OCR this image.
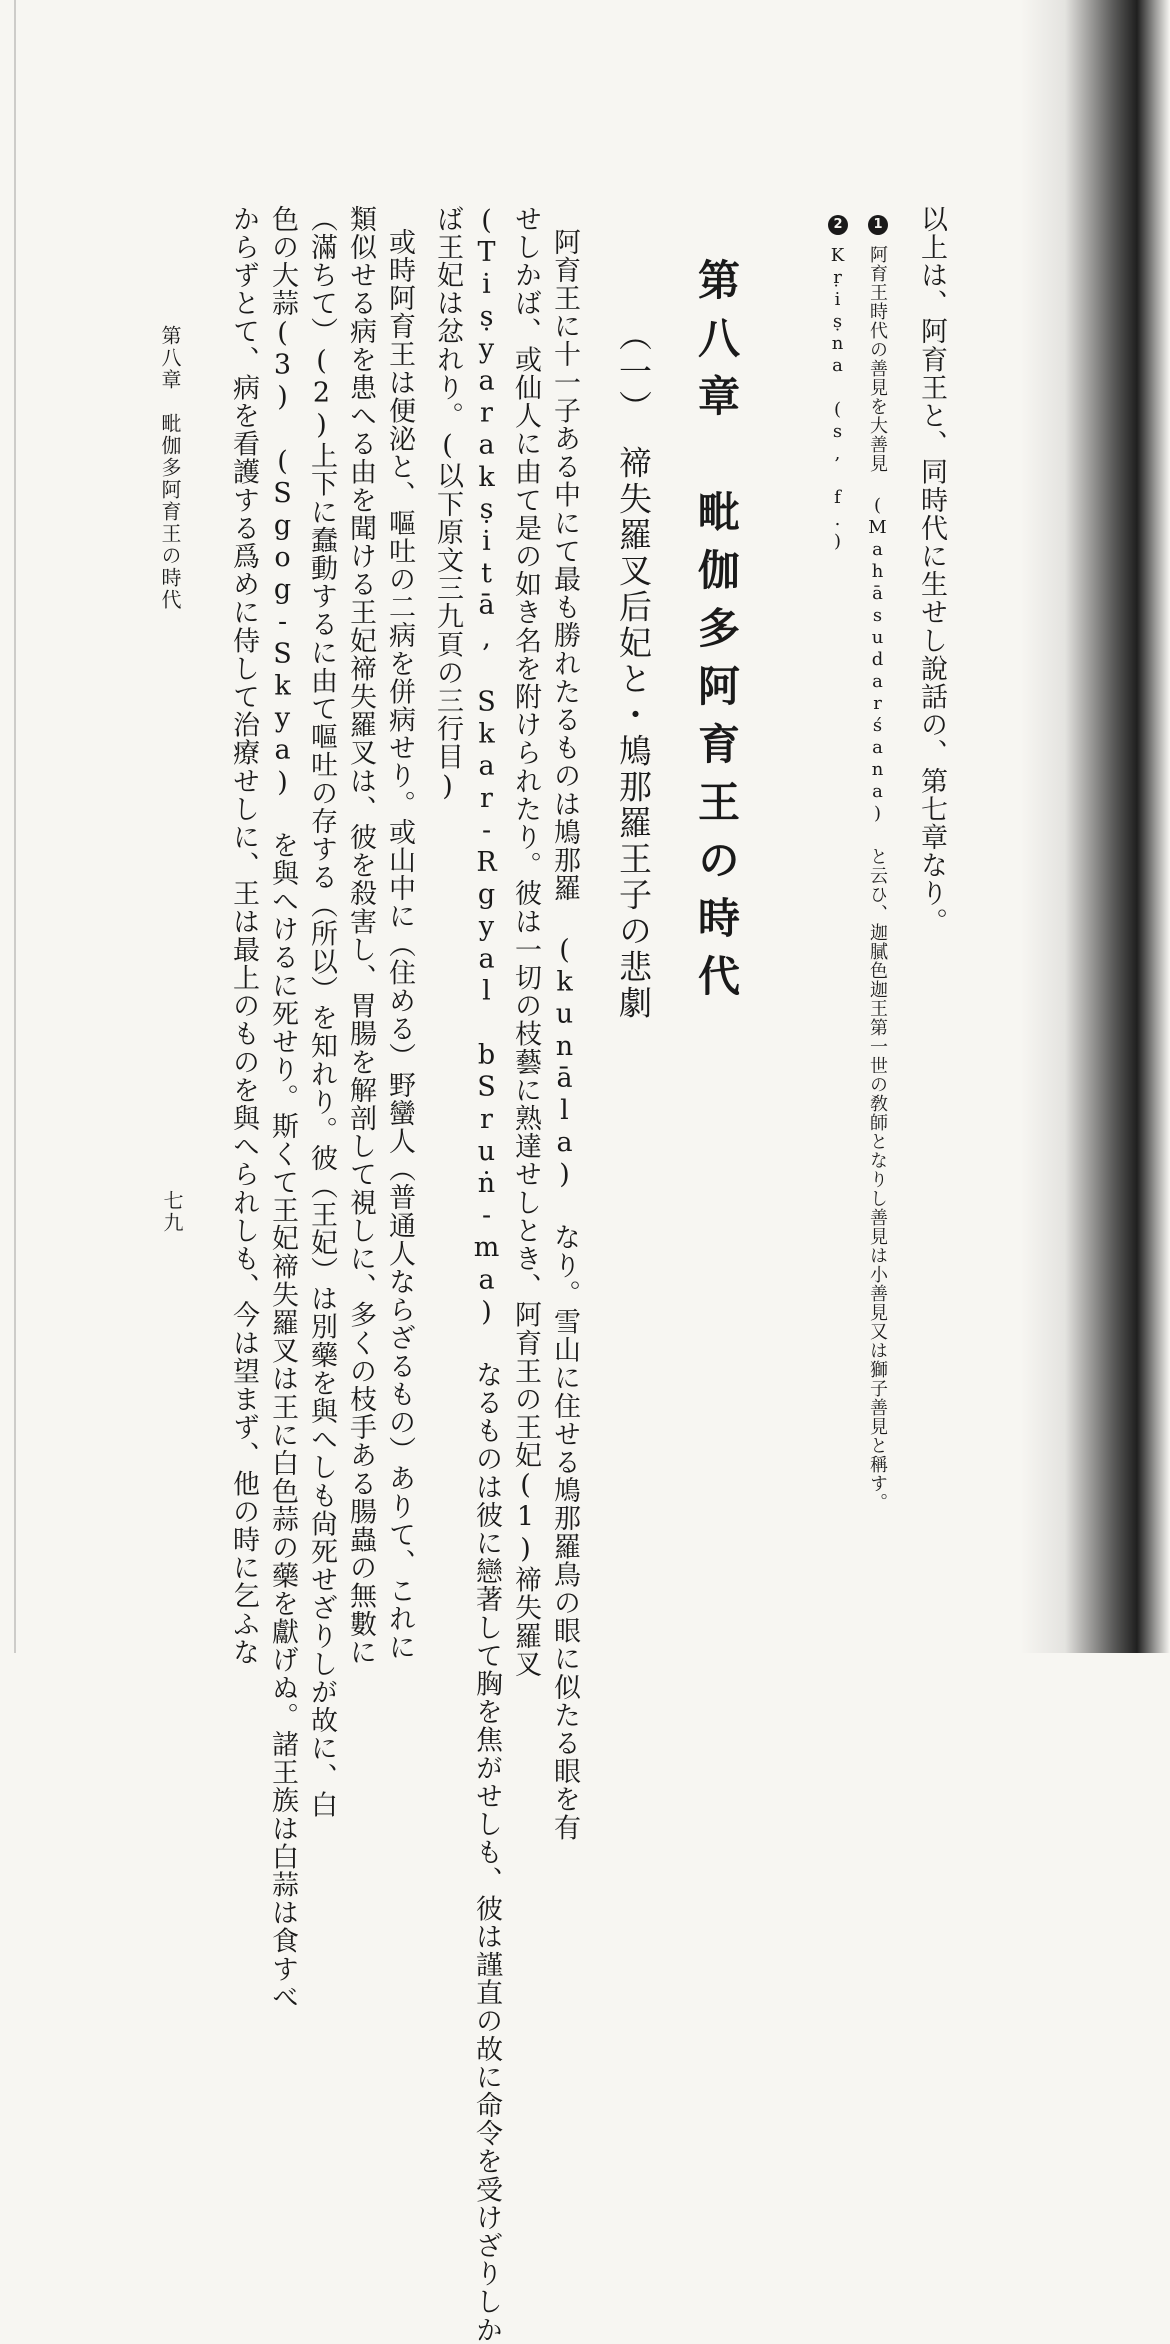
以上は、阿育王と、同時代に生せし說話の、第七章なり。
1
阿育王時代の善見を大善見 (Mahāsudarśana) と云ひ、迦膩色迦王第一世の敎師となりし善見は小善見又は獅子善見と稱す。
2
Kṛiṣna (s, f.)
第八章　毗伽多阿育王の時代
（一）　禘失羅叉后妃と・鳩那羅王子の悲劇
阿育王に十一子ある中にて最も勝れたるものは鳩那羅 (kunāla) なり。雪山に住せる鳩那羅鳥の眼に似たる眼を有
せしかば、或仙人に由て是の如き名を附けられたり。彼は一切の枝藝に熟達せしとき、阿育王の王妃(1)禘失羅叉
(Tiṣyarakṣitā, Skar-Rgyal bSruṅ-ma) なるものは彼に戀著して胸を焦がせしも、彼は謹直の故に命令を受けざりしか
ば王妃は忿れり。(以下原文三九頁の三行目)
或時阿育王は便泌と、嘔吐の二病を併病せり。或山中に（住める）野蠻人（普通人ならざるもの）ありて、これに
類似せる病を患へる由を聞ける王妃禘失羅叉は、彼を殺害し、胃腸を解剖して視しに、多くの枝手ある腸蟲の無數に
（滿ちて）(2)上下に蠢動するに由て嘔吐の存する（所以）を知れり。彼（王妃）は別藥を與へしも尙死せざりしが故に、白
色の大蒜(3) (Sgog-Skya) を與へけるに死せり。斯くて王妃禘失羅叉は王に白色蒜の藥を獻げぬ。諸王族は白蒜は食すべ
からずとて、病を看護する爲めに侍して治療せしに、王は最上のものを與へられしも、今は望まず、他の時に乞ふな
第八章　毗伽多阿育王の時代
七九
